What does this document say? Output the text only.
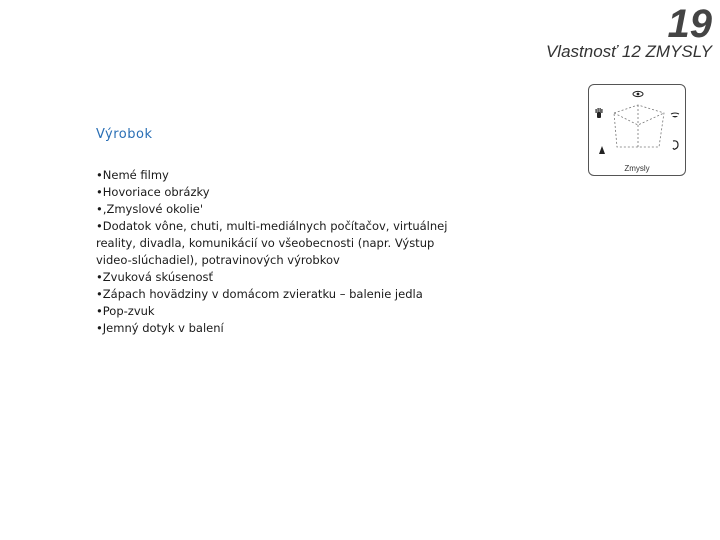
19
Vlastnosť 12 ZMYSLY
Výrobok
•Nemé filmy
•Hovoriace obrázky
•‚Zmyslové okolie'
•Dodatok vône, chuti, multi-mediálnych počítačov, virtuálnej reality, divadla, komunikácií vo všeobecnosti (napr. Výstup video-slúchadiel), potravinových výrobkov
•Zvuková skúsenosť
•Zápach hovädziny v domácom zvieratku – balenie jedla
•Pop-zvuk
•Jemný dotyk v balení
Zmysly
